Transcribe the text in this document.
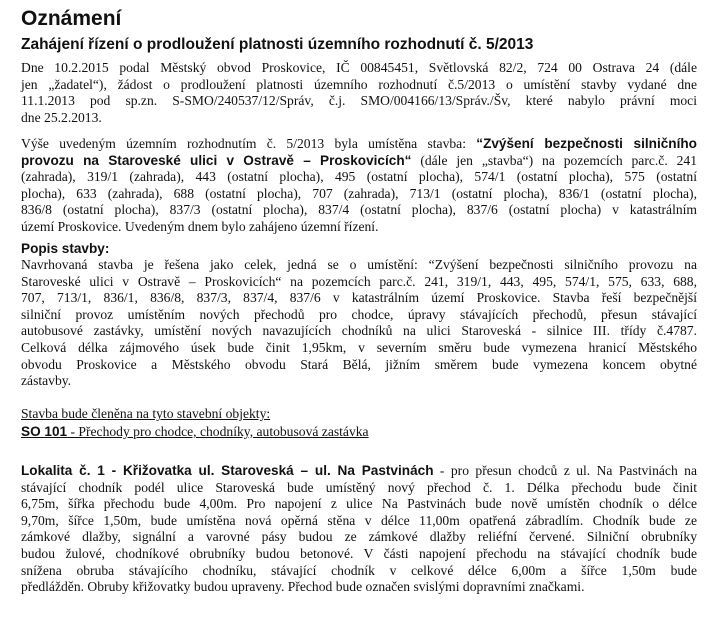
Oznámení
Zahájení řízení o prodloužení platnosti územního rozhodnutí č. 5/2013
Dne 10.2.2015 podal Městský obvod Proskovice, IČ 00845451, Světlovská 82/2, 724 00 Ostrava 24 (dále
jen „žadatel“), žádost o prodloužení platnosti územního rozhodnutí č.5/2013 o umístění stavby vydané dne
11.1.2013 pod sp.zn. S-SMO/240537/12/Správ, č.j. SMO/004166/13/Správ./Šv, které nabylo právní moci
dne 25.2.2013.
Výše uvedeným územním rozhodnutím č. 5/2013 byla umístěna stavba: “Zvýšení bezpečnosti silničního
provozu na Staroveské ulici v Ostravě – Proskovicích“ (dále jen „stavba“) na pozemcích parc.č. 241
(zahrada), 319/1 (zahrada), 443 (ostatní plocha), 495 (ostatní plocha), 574/1 (ostatní plocha), 575 (ostatní
plocha), 633 (zahrada), 688 (ostatní plocha), 707 (zahrada), 713/1 (ostatní plocha), 836/1 (ostatní plocha),
836/8 (ostatní plocha), 837/3 (ostatní plocha), 837/4 (ostatní plocha), 837/6 (ostatní plocha) v katastrálním
území Proskovice. Uvedeným dnem bylo zahájeno územní řízení.
Popis stavby:
Navrhovaná stavba je řešena jako celek, jedná se o umístění: “Zvýšení bezpečnosti silničního provozu na
Staroveské ulici v Ostravě – Proskovicích“ na pozemcích parc.č. 241, 319/1, 443, 495, 574/1, 575, 633, 688,
707, 713/1, 836/1, 836/8, 837/3, 837/4, 837/6 v katastrálním území Proskovice. Stavba řeší bezpečnější
silniční provoz umístěním nových přechodů pro chodce, úpravy stávajících přechodů, přesun stávající
autobusové zastávky, umístění nových navazujících chodníků na ulici Staroveská - silnice III. třídy č.4787.
Celková délka zájmového úsek bude činit 1,95km, v severním směru bude vymezena hranicí Městského
obvodu Proskovice a Městského obvodu Stará Bělá, jižním směrem bude vymezena koncem obytné
zástavby.
Stavba bude členěna na tyto stavební objekty:
SO 101 - Přechody pro chodce, chodníky, autobusová zastávka
Lokalita č. 1 - Křižovatka ul. Staroveská – ul. Na Pastvinách - pro přesun chodců z ul. Na Pastvinách na
stávající chodník podél ulice Staroveská bude umístěný nový přechod č. 1. Délka přechodu bude činit
6,75m, šířka přechodu bude 4,00m. Pro napojení z ulice Na Pastvinách bude nově umístěn chodník o délce
9,70m, šířce 1,50m, bude umístěna nová opěrná stěna v délce 11,00m opatřená zábradlím. Chodník bude ze
zámkové dlažby, signální a varovné pásy budou ze zámkové dlažby reliéfní červené. Silniční obrubníky
budou žulové, chodníkové obrubníky budou betonové. V části napojení přechodu na stávající chodník bude
snížena obruba stávajícího chodníku, stávající chodník v celkové délce 6,00m a šířce 1,50m bude
předlážděn. Obruby křižovatky budou upraveny. Přechod bude označen svislými dopravními značkami.
